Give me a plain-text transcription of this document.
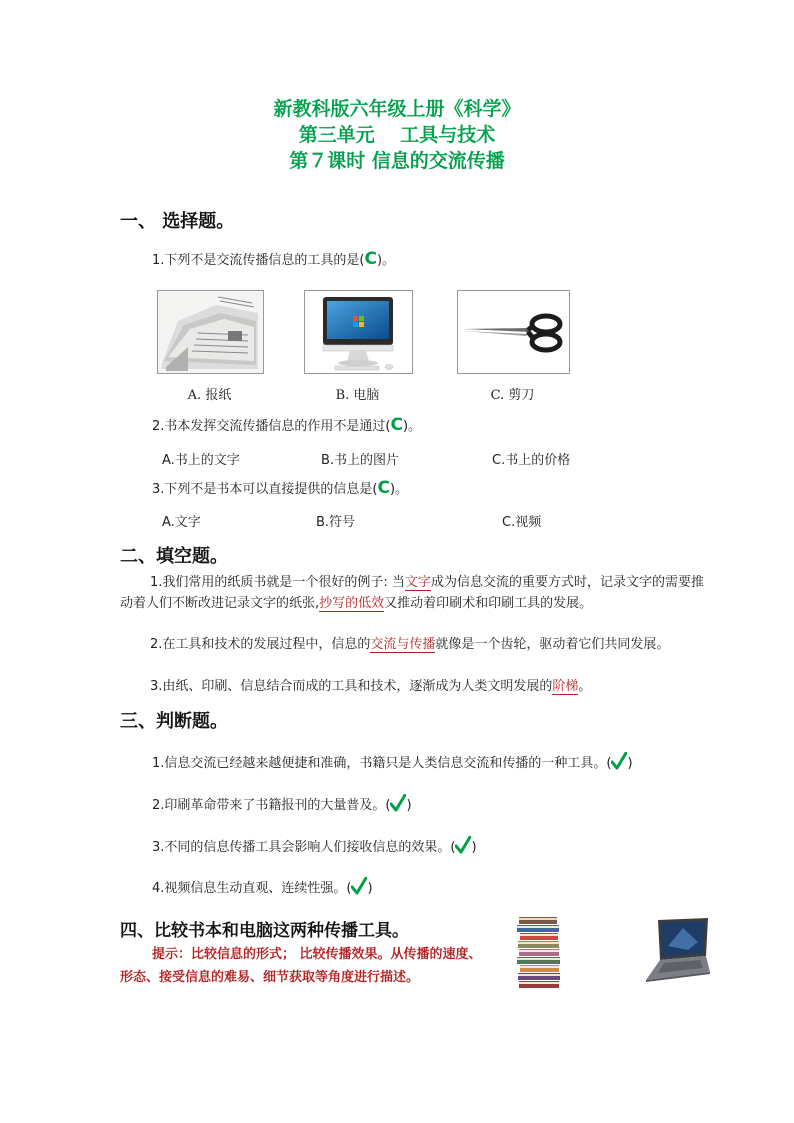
新教科版六年级上册《科学》
第三单元　 工具与技术
第７课时 信息的交流传播
一、 选择题。
1.下列不是交流传播信息的工具的是(C)。
A. 报纸	B. 电脑	C. 剪刀
2.书本发挥交流传播信息的作用不是通过(C)。
A.书上的文字	B.书上的图片	C.书上的价格
3.下列不是书本可以直接提供的信息是(C)。
A.文字	B.符号	C.视频
二、填空题。
1.我们常用的纸质书就是一个很好的例子: 当文字成为信息交流的重要方式时，记录文字的需要推动着人们不断改进记录文字的纸张,抄写的低效又推动着印刷术和印刷工具的发展。
2.在工具和技术的发展过程中，信息的交流与传播就像是一个齿轮，驱动着它们共同发展。
3.由纸、印刷、信息结合而成的工具和技术，逐渐成为人类文明发展的阶梯。
三、判断题。
1.信息交流已经越来越便捷和准确，书籍只是人类信息交流和传播的一种工具。( )
2.印刷革命带来了书籍报刊的大量普及。( )
3.不同的信息传播工具会影响人们接收信息的效果。( )
4.视频信息生动直观、连续性强。( )
四、比较书本和电脑这两种传播工具。
提示：比较信息的形式； 比较传播效果。从传播的速度、
形态、接受信息的难易、细节获取等角度进行描述。
